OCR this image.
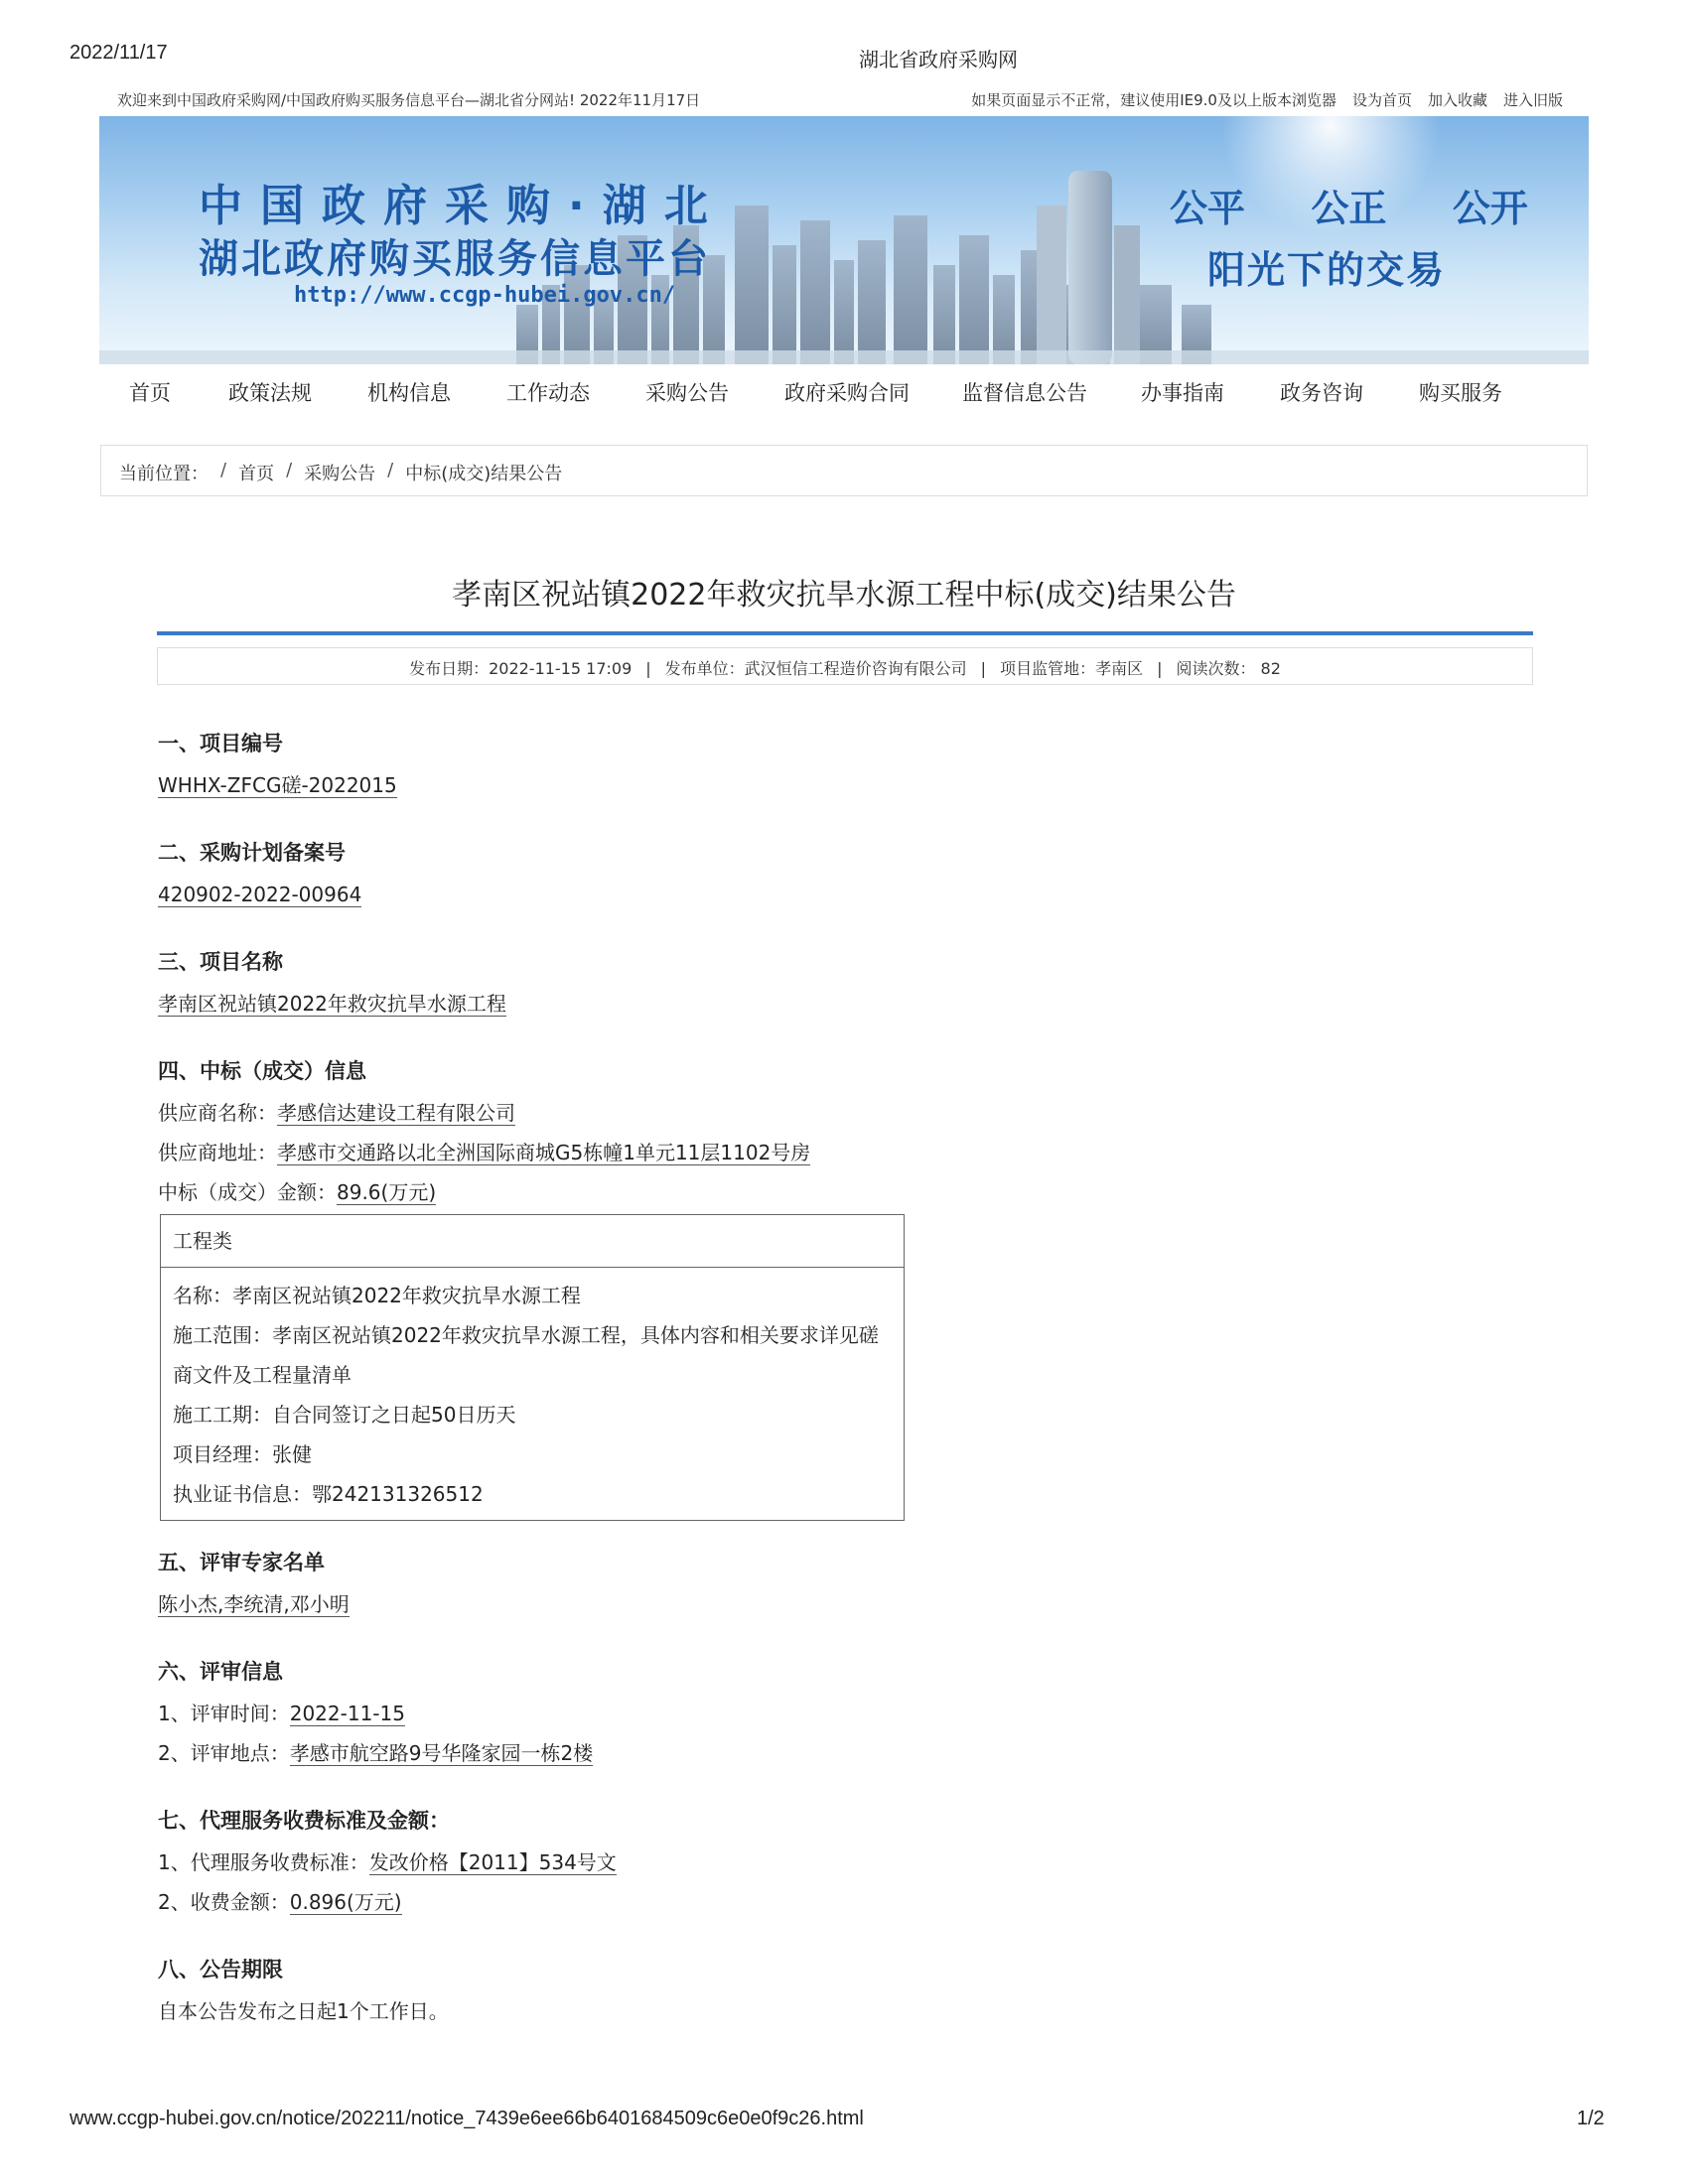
2022/11/17	湖北省政府采购网
欢迎来到中国政府采购网/中国政府购买服务信息平台—湖北省分网站! 2022年11月17日	如果页面显示不正常，建议使用IE9.0及以上版本浏览器 设为首页 加入收藏 进入旧版
中国政府采购·湖北
湖北政府购买服务信息平台
http://www.ccgp-hubei.gov.cn/
公平  公正  公开
阳光下的交易
首页	政策法规	机构信息	工作动态	采购公告	政府采购合同	监督信息公告	办事指南	政务咨询	购买服务
当前位置： / 首页 / 采购公告 / 中标(成交)结果公告
孝南区祝站镇2022年救灾抗旱水源工程中标(成交)结果公告
发布日期：2022-11-15 17:09 | 发布单位：武汉恒信工程造价咨询有限公司 | 项目监管地：孝南区 | 阅读次数： 82
一、项目编号
WHHX-ZFCG磋-2022015
二、采购计划备案号
420902-2022-00964
三、项目名称
孝南区祝站镇2022年救灾抗旱水源工程
四、中标（成交）信息
供应商名称：孝感信达建设工程有限公司
供应商地址：孝感市交通路以北全洲国际商城G5栋幢1单元11层1102号房
中标（成交）金额：89.6(万元)
工程类
名称：孝南区祝站镇2022年救灾抗旱水源工程
施工范围：孝南区祝站镇2022年救灾抗旱水源工程，具体内容和相关要求详见磋
商文件及工程量清单
施工工期：自合同签订之日起50日历天
项目经理：张健
执业证书信息：鄂242131326512
五、评审专家名单
陈小杰,李统清,邓小明
六、评审信息
1、评审时间：2022-11-15
2、评审地点：孝感市航空路9号华隆家园一栋2楼
七、代理服务收费标准及金额：
1、代理服务收费标准：发改价格【2011】534号文
2、收费金额：0.896(万元)
八、公告期限
自本公告发布之日起1个工作日。
www.ccgp-hubei.gov.cn/notice/202211/notice_7439e6ee66b6401684509c6e0e0f9c26.html	1/2
